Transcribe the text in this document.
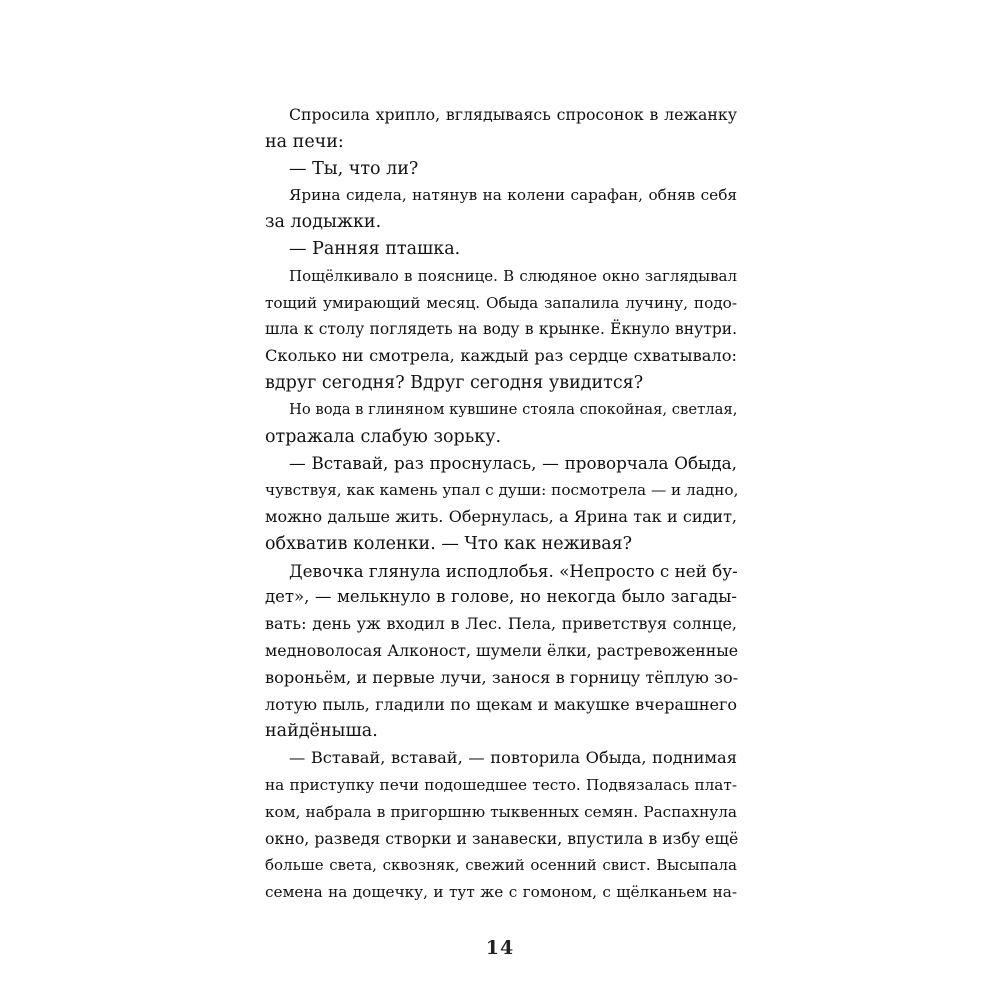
Спросила хрипло, вглядываясь спросонок в лежанку
на печи:
— Ты, что ли?
Ярина сидела, натянув на колени сарафан, обняв себя
за лодыжки.
— Ранняя пташка.
Пощёлкивало в пояснице. В слюдяное окно заглядывал
тощий умирающий месяц. Обыда запалила лучину, подо-
шла к столу поглядеть на воду в крынке. Ёкнуло внутри.
Сколько ни смотрела, каждый раз сердце схватывало:
вдруг сегодня? Вдруг сегодня увидится?
Но вода в глиняном кувшине стояла спокойная, светлая,
отражала слабую зорьку.
— Вставай, раз проснулась, — проворчала Обыда,
чувствуя, как камень упал с души: посмотрела — и ладно,
можно дальше жить. Обернулась, а Ярина так и сидит,
обхватив коленки. — Что как неживая?
Девочка глянула исподлобья. «Непросто с ней бу-
дет», — мелькнуло в голове, но некогда было загады-
вать: день уж входил в Лес. Пела, приветствуя солнце,
медноволосая Алконост, шумели ёлки, растревоженные
вороньём, и первые лучи, занося в горницу тёплую зо-
лотую пыль, гладили по щекам и макушке вчерашнего
найдёныша.
— Вставай, вставай, — повторила Обыда, поднимая
на приступку печи подошедшее тесто. Подвязалась плат-
ком, набрала в пригоршню тыквенных семян. Распахнула
окно, разведя створки и занавески, впустила в избу ещё
больше света, сквозняк, свежий осенний свист. Высыпала
семена на дощечку, и тут же с гомоном, с щёлканьем на-
14
